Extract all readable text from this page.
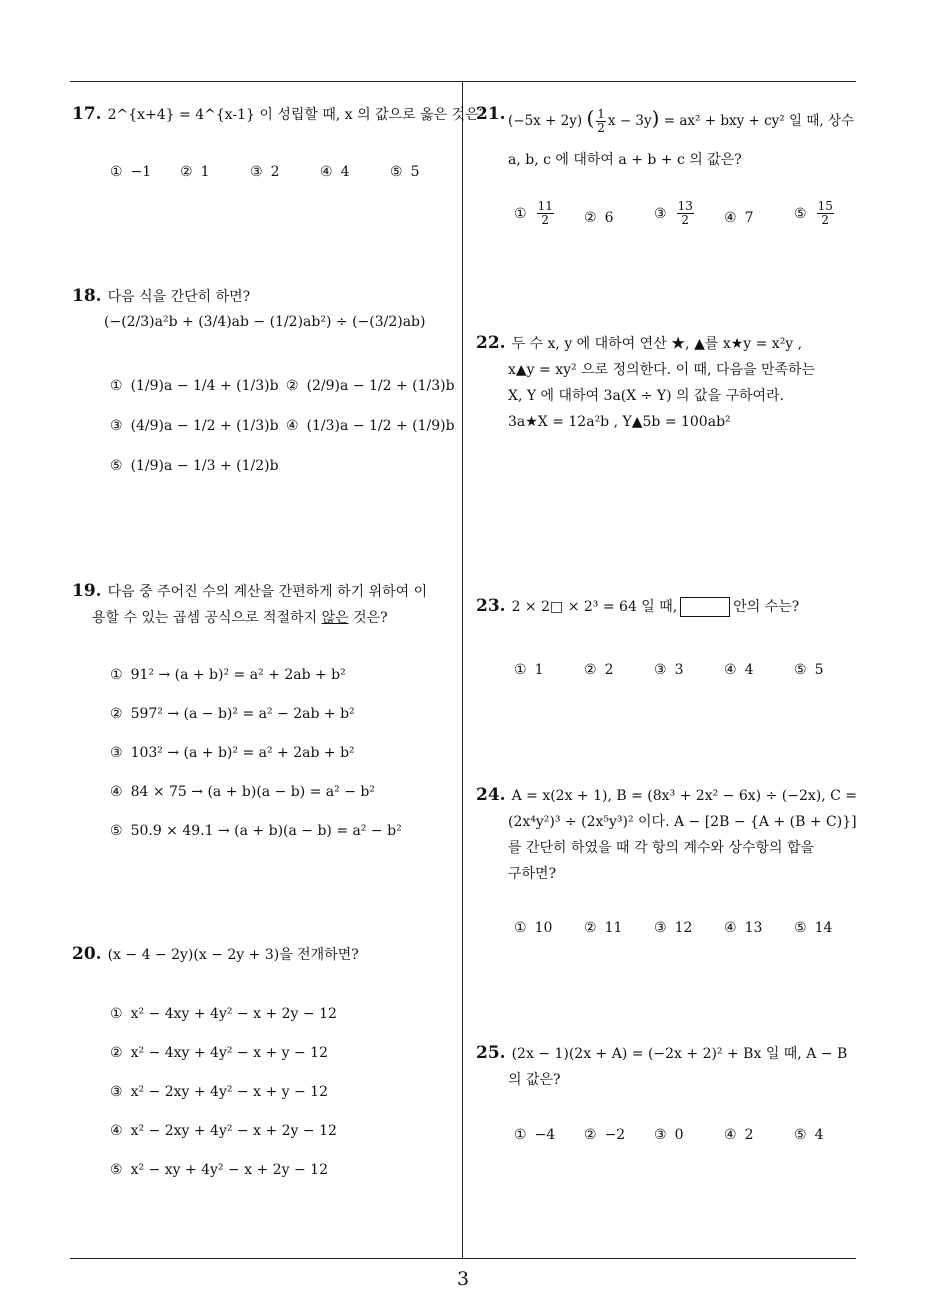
17. 2^{x+4} = 4^{x-1} 이 성립할 때, x 의 값으로 옳은 것은?
① −1 ② 1	③ 2	④ 4	⑤ 5
18. 다음 식을 간단히 하면?
(−(2/3)a²b + (3/4)ab − (1/2)ab²) ÷ (−(3/2)ab)
① (1/9)a − 1/4 + (1/3)b ② (2/9)a − 1/2 + (1/3)b
③ (4/9)a − 1/2 + (1/3)b ④ (1/3)a − 1/2 + (1/9)b
⑤ (1/9)a − 1/3 + (1/2)b
19. 다음 중 주어진 수의 계산을 간편하게 하기 위하여 이
용할 수 있는 곱셈 공식으로 적절하지 않은 것은?
① 91² → (a + b)² = a² + 2ab + b²
② 597² → (a − b)² = a² − 2ab + b²
③ 103² → (a + b)² = a² + 2ab + b²
④ 84 × 75 → (a + b)(a − b) = a² − b²
⑤ 50.9 × 49.1 → (a + b)(a − b) = a² − b²
20. (x − 4 − 2y)(x − 2y + 3)을 전개하면?
① x² − 4xy + 4y² − x + 2y − 12
② x² − 4xy + 4y² − x + y − 12
③ x² − 2xy + 4y² − x + y − 12
④ x² − 2xy + 4y² − x + 2y − 12
⑤ x² − xy + 4y² − x + 2y − 12
21. (−5x + 2y) ( $\frac{1}{2}$ x − 3y) = ax² + bxy + cy² 일 때, 상수
a, b, c 에 대하여 a + b + c 의 값은?
① $\frac{11}{2}$ ② 6	③ $\frac{13}{2}$ ④ 7	⑤ $\frac{15}{2}$
22. 두 수 x, y 에 대하여 연산 ★, ▲를 x★y = x²y ,
x▲y = xy² 으로 정의한다. 이 때, 다음을 만족하는
X, Y 에 대하여 3a(X ÷ Y) 의 값을 구하여라.
3a★X = 12a²b , Y▲5b = 100ab²
23. 2 × 2□ × 2³ = 64 일 때,	안의 수는?
① 1	② 2	③ 3	④ 4	⑤ 5
24. A = x(2x + 1), B = (8x³ + 2x² − 6x) ÷ (−2x), C =
(2x⁴y²)³ ÷ (2x⁵y³)² 이다. A − [2B − {A + (B + C)}]
를 간단히 하였을 때 각 항의 계수와 상수항의 합을
구하면?
① 10 ② 11 ③ 12 ④ 13 ⑤ 14
25. (2x − 1)(2x + A) = (−2x + 2)² + Bx 일 때, A − B
의 값은?
① −4 ② −2 ③ 0	④ 2	⑤ 4
3
